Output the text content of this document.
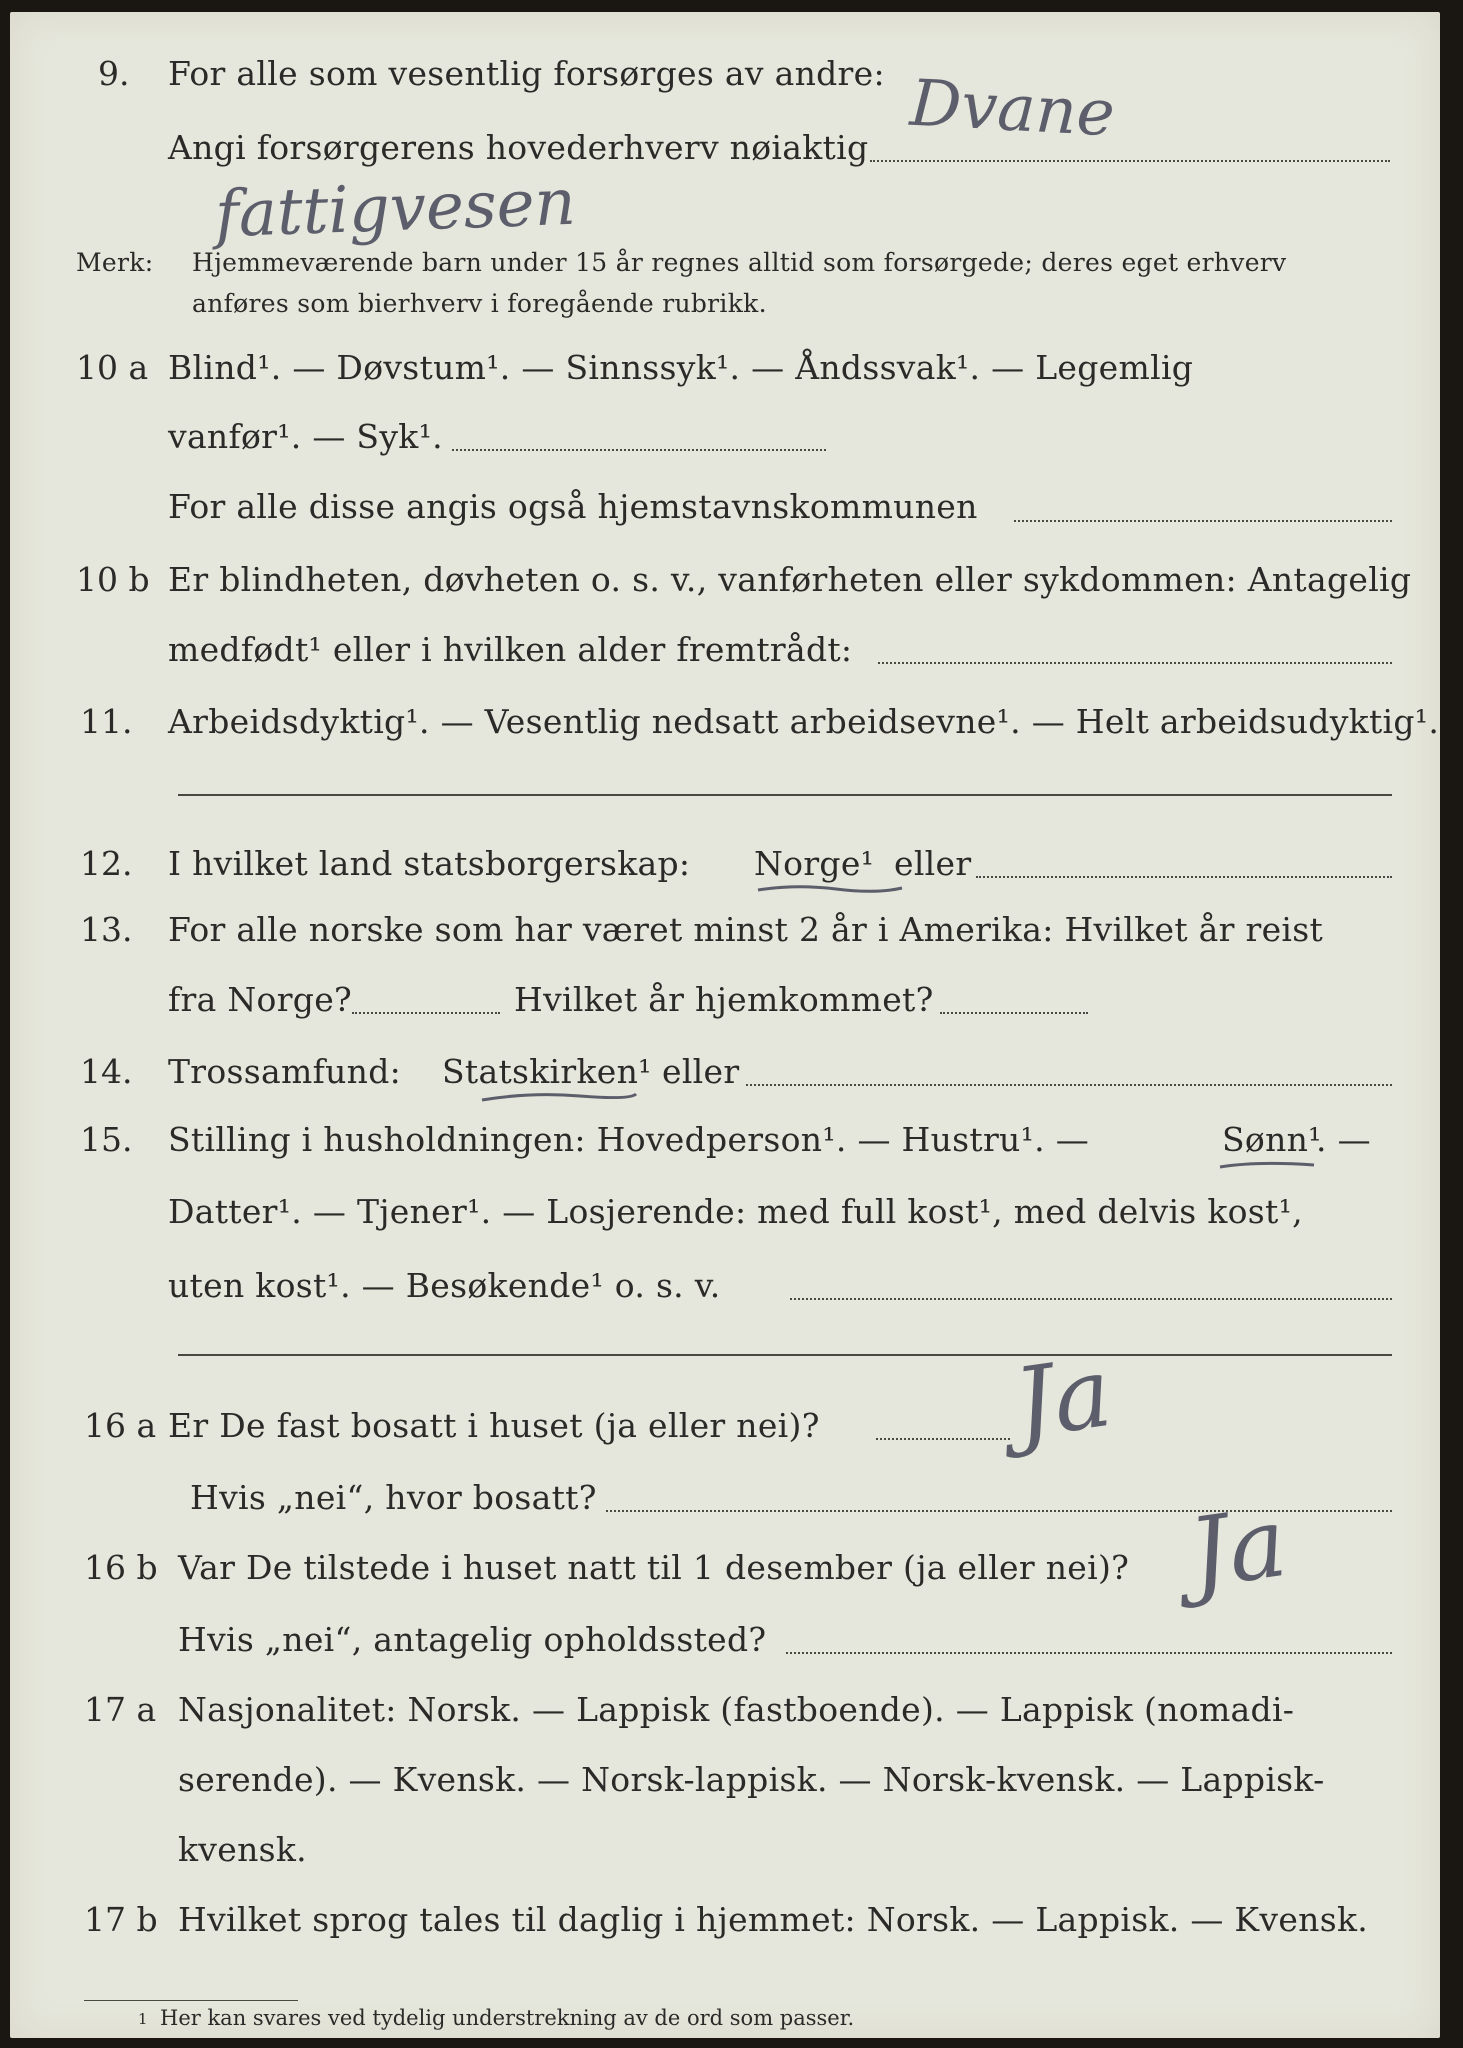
9. For alle som vesentlig forsørges av andre:
Angi forsørgerens hovederhverv nøiaktig Dvane
fattigvesen
Merk: Hjemmeværende barn under 15 år regnes alltid som forsørgede; deres eget erhverv
anføres som bierhverv i foregående rubrikk.
10 a Blind¹. — Døvstum¹. — Sinnssyk¹. — Åndssvak¹. — Legemlig
vanfør¹. — Syk¹.
For alle disse angis også hjemstavnskommunen
10 b Er blindheten, døvheten o. s. v., vanførheten eller sykdommen: Antagelig
medfødt¹ eller i hvilken alder fremtrådt:
11. Arbeidsdyktig¹. — Vesentlig nedsatt arbeidsevne¹. — Helt arbeidsudyktig¹.
12. I hvilket land statsborgerskap: Norge¹ eller
13. For alle norske som har været minst 2 år i Amerika: Hvilket år reist
fra Norge?	Hvilket år hjemkommet?
14. Trossamfund: Statskirken¹ eller
15. Stilling i husholdningen: Hovedperson¹. — Hustru¹. —	Sønn¹
. —
Datter¹. — Tjener¹. — Losjerende: med full kost¹, med delvis kost¹,
uten kost¹. — Besøkende¹ o. s. v.
16 a Er De fast bosatt i huset (ja eller nei)?
Hvis „nei“, hvor bosatt?
Ja
16 b Var De tilstede i huset natt til 1 desember (ja eller nei)?
Hvis „nei“, antagelig opholdssted?
Ja
17 a Nasjonalitet: Norsk. — Lappisk (fastboende). — Lappisk (nomadi-
serende). — Kvensk. — Norsk-lappisk. — Norsk-kvensk. — Lappisk-
kvensk.
17 b Hvilket sprog tales til daglig i hjemmet: Norsk. — Lappisk. — Kvensk.
1 Her kan svares ved tydelig understrekning av de ord som passer.
